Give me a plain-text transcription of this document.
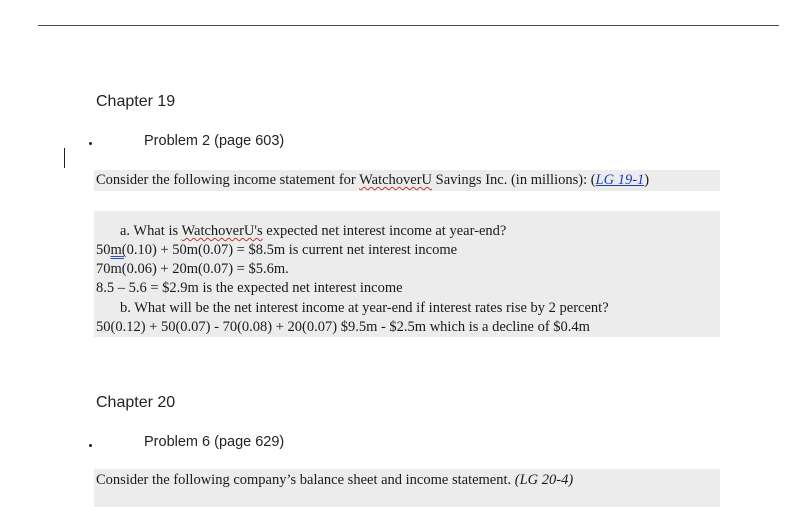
Chapter 19
Problem 2 (page 603)
Consider the following income statement for WatchoverU Savings Inc. (in millions): (LG 19-1)
a. What is WatchoverU's expected net interest income at year-end?
50m(0.10) + 50m(0.07) = $8.5m is current net interest income
70m(0.06) + 20m(0.07) = $5.6m.
8.5 – 5.6 = $2.9m is the expected net interest income
b. What will be the net interest income at year-end if interest rates rise by 2 percent?
50(0.12) + 50(0.07) - 70(0.08) + 20(0.07) $9.5m - $2.5m which is a decline of $0.4m
Chapter 20
Problem 6 (page 629)
Consider the following company’s balance sheet and income statement. (LG 20-4)
